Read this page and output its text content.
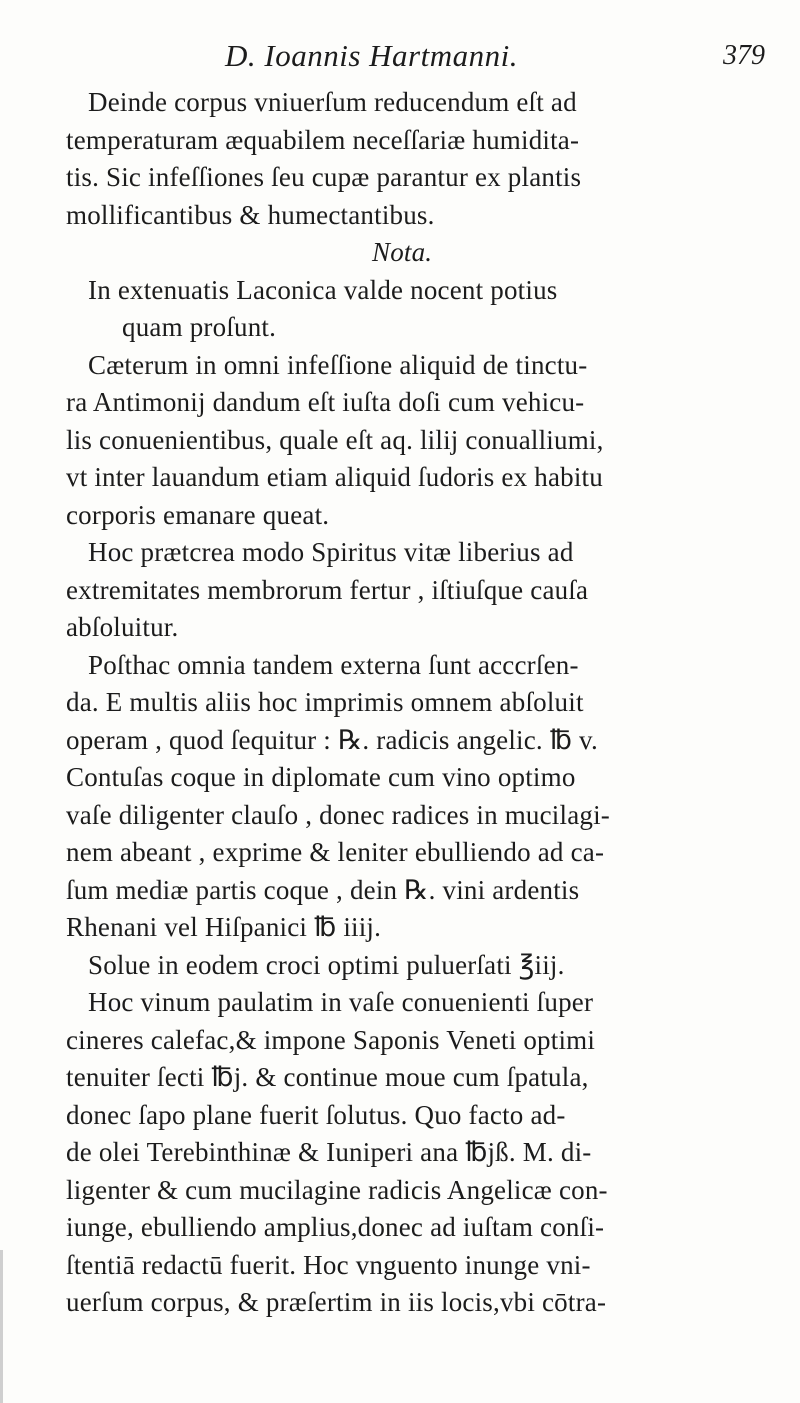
D. Ioannis Hartmanni.	379
Deinde corpus vniuerſum reducendum eſt ad
temperaturam æquabilem neceſſariæ humidita-
tis. Sic infeſſiones ſeu cupæ parantur ex plantis
mollificantibus & humectantibus.
Nota.
In extenuatis Laconica valde nocent potius
quam proſunt.
Cæterum in omni infeſſione aliquid de tinctu-
ra Antimonij dandum eſt iuſta doſi cum vehicu-
lis conuenientibus, quale eſt aq. lilij conualliumi,
vt inter lauandum etiam aliquid ſudoris ex habitu
corporis emanare queat.
Hoc prætcrea modo Spiritus vitæ liberius ad
extremitates membrorum fertur , iſtiuſque cauſa
abſoluitur.
Poſthac omnia tandem externa ſunt acccrſen-
da. E multis aliis hoc imprimis omnem abſoluit
operam , quod ſequitur : ℞. radicis angelic. ℔ v.
Contuſas coque in diplomate cum vino optimo
vaſe diligenter clauſo , donec radices in mucilagi-
nem abeant , exprime & leniter ebulliendo ad ca-
ſum mediæ partis coque , dein ℞. vini ardentis
Rhenani vel Hiſpanici ℔ iiij.
Solue in eodem croci optimi puluerſati ℥iij.
Hoc vinum paulatim in vaſe conuenienti ſuper
cineres calefac,& impone Saponis Veneti optimi
tenuiter ſecti ℔j. & continue moue cum ſpatula,
donec ſapo plane fuerit ſolutus. Quo facto ad-
de olei Terebinthinæ & Iuniperi ana ℔jß. M. di-
ligenter & cum mucilagine radicis Angelicæ con-
iunge, ebulliendo amplius,donec ad iuſtam conſi-
ſtentiā redactū fuerit. Hoc vnguento inunge vni-
uerſum corpus, & præſertim in iis locis,vbi cōtra-
